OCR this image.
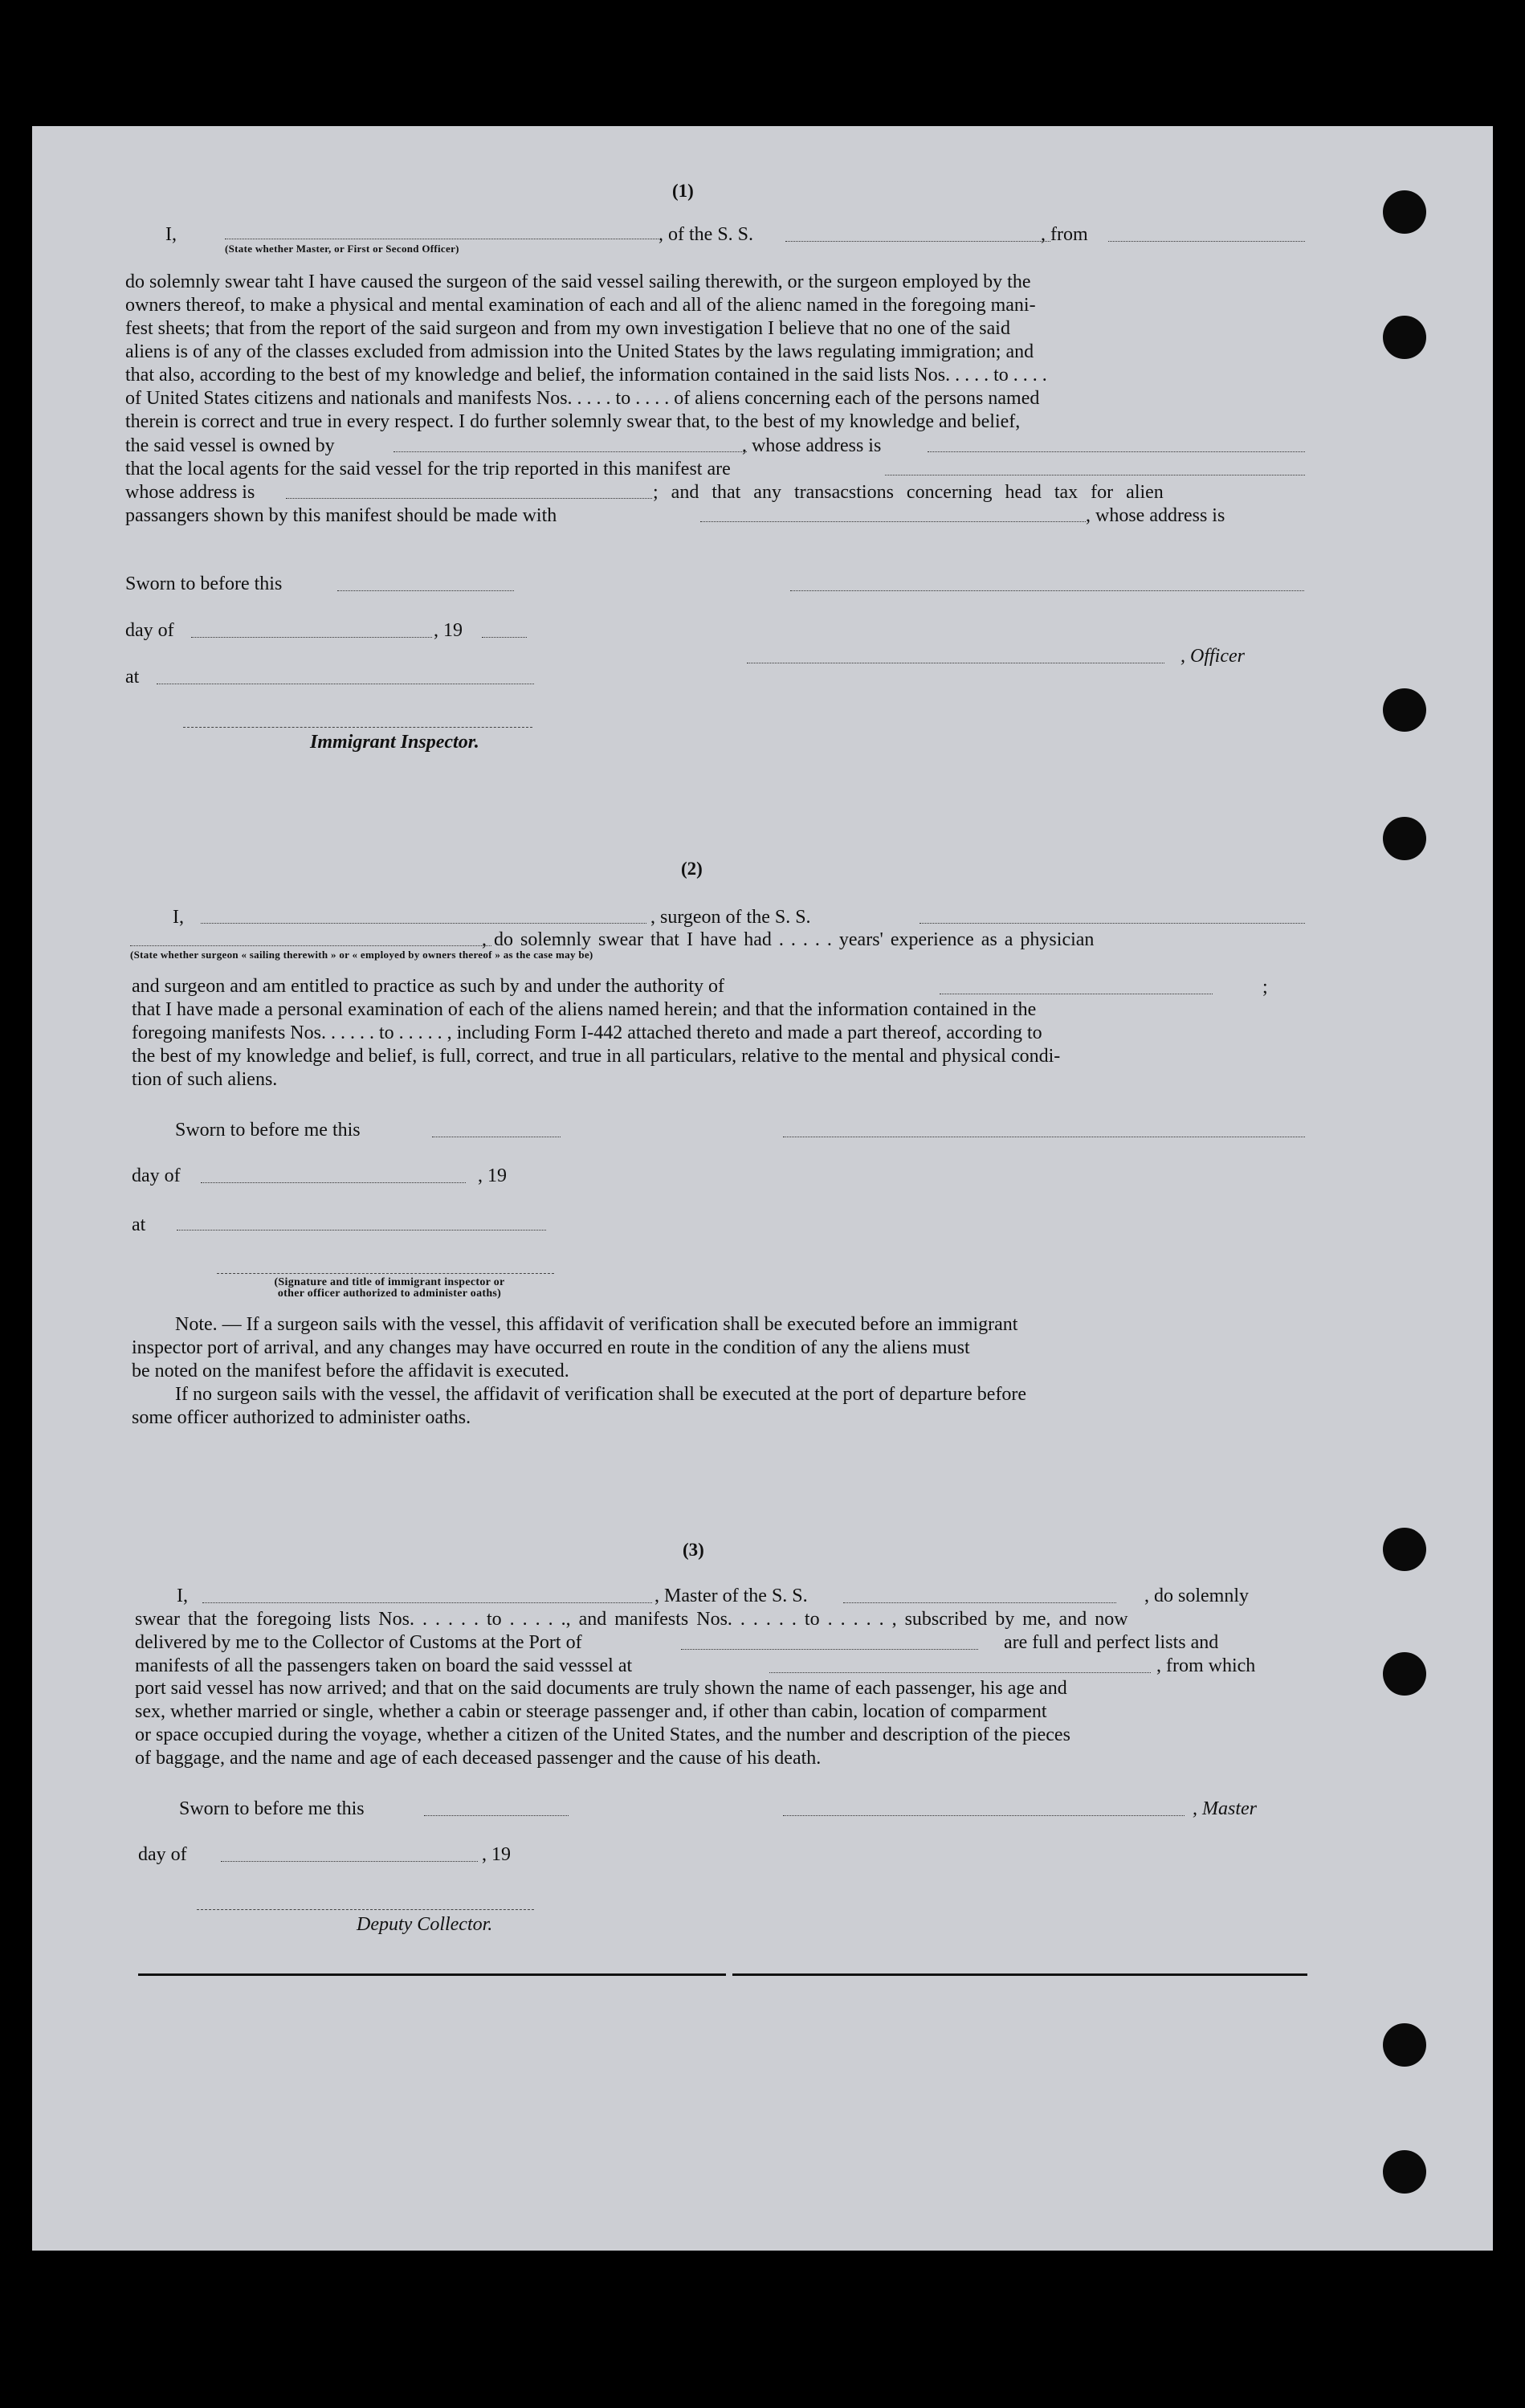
(1)
I,
(State whether Master, or First or Second Officer)
, of the S. S.	, from
do solemnly swear taht I have caused the surgeon of the said vessel sailing therewith, or the surgeon employed by the
owners thereof, to make a physical and mental examination of each and all of the alienc named in the foregoing mani-
fest sheets; that from the report of the said surgeon and from my own investigation I believe that no one of the said
aliens is of any of the classes excluded from admission into the United States by the laws regulating immigration; and
that also, according to the best of my knowledge and belief, the information contained in the said lists Nos. . . . . to . . . .
of United States citizens and nationals and manifests Nos. . . . . to . . . . of aliens concerning each of the persons named
therein is correct and true in every respect. I do further solemnly swear that, to the best of my knowledge and belief,
the said vessel is owned by	, whose address is
that the local agents for the said vessel for the trip reported in this manifest are
whose address is	; and that any transacstions concerning head tax for alien
passangers shown by this manifest should be made with	, whose address is
Sworn to before this
day of	, 19
, Officer
at
Immigrant Inspector.
(2)
I,	, surgeon of the S. S.
, do solemnly swear that I have had . . . . . years' experience as a physician
(State whether surgeon « sailing therewith » or « employed by owners thereof » as the case may be)
and surgeon and am entitled to practice as such by and under the authority of
that I have made a personal examination of each of the aliens named herein; and that the information contained in the
foregoing manifests Nos. . . . . . to . . . . . , including Form I-442 attached thereto and made a part thereof, according to
the best of my knowledge and belief, is full, correct, and true in all particulars, relative to the mental and physical condi-
tion of such aliens.
;
Sworn to before me this
day of	, 19
at
(Signature and title of immigrant inspector or
other officer authorized to administer oaths)
Note. — If a surgeon sails with the vessel, this affidavit of verification shall be executed before an immigrant
inspector port of arrival, and any changes may have occurred en route in the condition of any the aliens must
be noted on the manifest before the affidavit is executed.
If no surgeon sails with the vessel, the affidavit of verification shall be executed at the port of departure before
some officer authorized to administer oaths.
(3)
I,	, Master of the S. S.	, do solemnly
swear that the foregoing lists Nos. . . . . . to . . . . ., and manifests Nos. . . . . . to . . . . . , subscribed by me, and now
delivered by me to the Collector of Customs at the Port of	are full and perfect lists and
manifests of all the passengers taken on board the said vesssel at	, from which
port said vessel has now arrived; and that on the said documents are truly shown the name of each passenger, his age and
sex, whether married or single, whether a cabin or steerage passenger and, if other than cabin, location of comparment
or space occupied during the voyage, whether a citizen of the United States, and the number and description of the pieces
of baggage, and the name and age of each deceased passenger and the cause of his death.
Sworn to before me this	, Master
day of	, 19
Deputy Collector.
